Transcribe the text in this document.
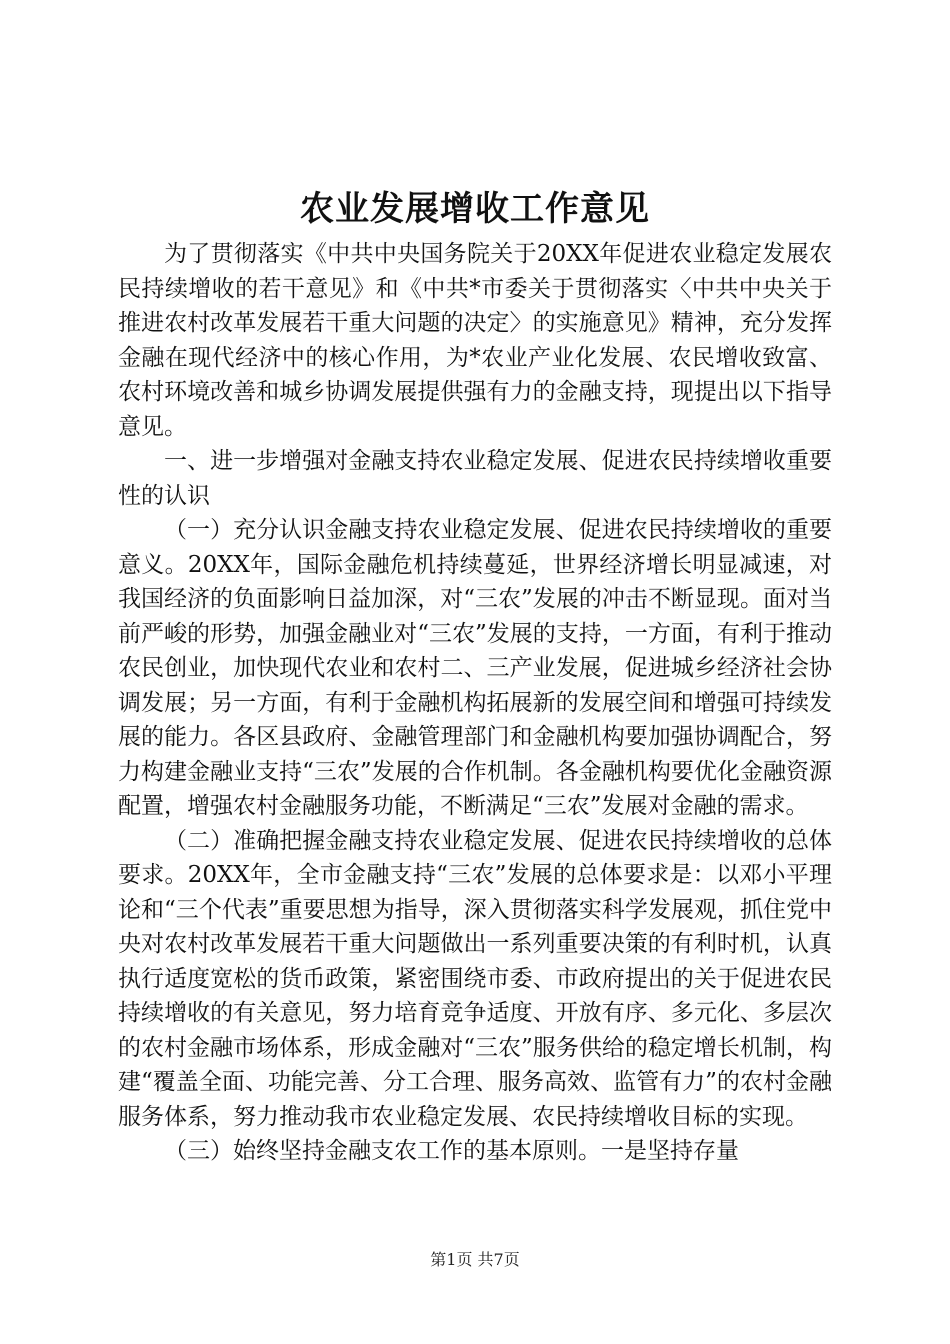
农业发展增收工作意见

为了贯彻落实《中共中央国务院关于20XX年促进农业稳定发展农民持续增收的若干意见》和《中共*市委关于贯彻落实〈中共中央关于推进农村改革发展若干重大问题的决定〉的实施意见》精神，充分发挥金融在现代经济中的核心作用，为*农业产业化发展、农民增收致富、农村环境改善和城乡协调发展提供强有力的金融支持，现提出以下指导意见。

一、进一步增强对金融支持农业稳定发展、促进农民持续增收重要性的认识

（一）充分认识金融支持农业稳定发展、促进农民持续增收的重要意义。20XX年，国际金融危机持续蔓延，世界经济增长明显减速，对我国经济的负面影响日益加深，对“三农”发展的冲击不断显现。面对当前严峻的形势，加强金融业对“三农”发展的支持，一方面，有利于推动农民创业，加快现代农业和农村二、三产业发展，促进城乡经济社会协调发展；另一方面，有利于金融机构拓展新的发展空间和增强可持续发展的能力。各区县政府、金融管理部门和金融机构要加强协调配合，努力构建金融业支持“三农”发展的合作机制。各金融机构要优化金融资源配置，增强农村金融服务功能，不断满足“三农”发展对金融的需求。

（二）准确把握金融支持农业稳定发展、促进农民持续增收的总体要求。20XX年，全市金融支持“三农”发展的总体要求是：以邓小平理论和“三个代表”重要思想为指导，深入贯彻落实科学发展观，抓住党中央对农村改革发展若干重大问题做出一系列重要决策的有利时机，认真执行适度宽松的货币政策，紧密围绕市委、市政府提出的关于促进农民持续增收的有关意见，努力培育竞争适度、开放有序、多元化、多层次的农村金融市场体系，形成金融对“三农”服务供给的稳定增长机制，构建“覆盖全面、功能完善、分工合理、服务高效、监管有力”的农村金融服务体系，努力推动我市农业稳定发展、农民持续增收目标的实现。

（三）始终坚持金融支农工作的基本原则。一是坚持存量

第1页 共7页
